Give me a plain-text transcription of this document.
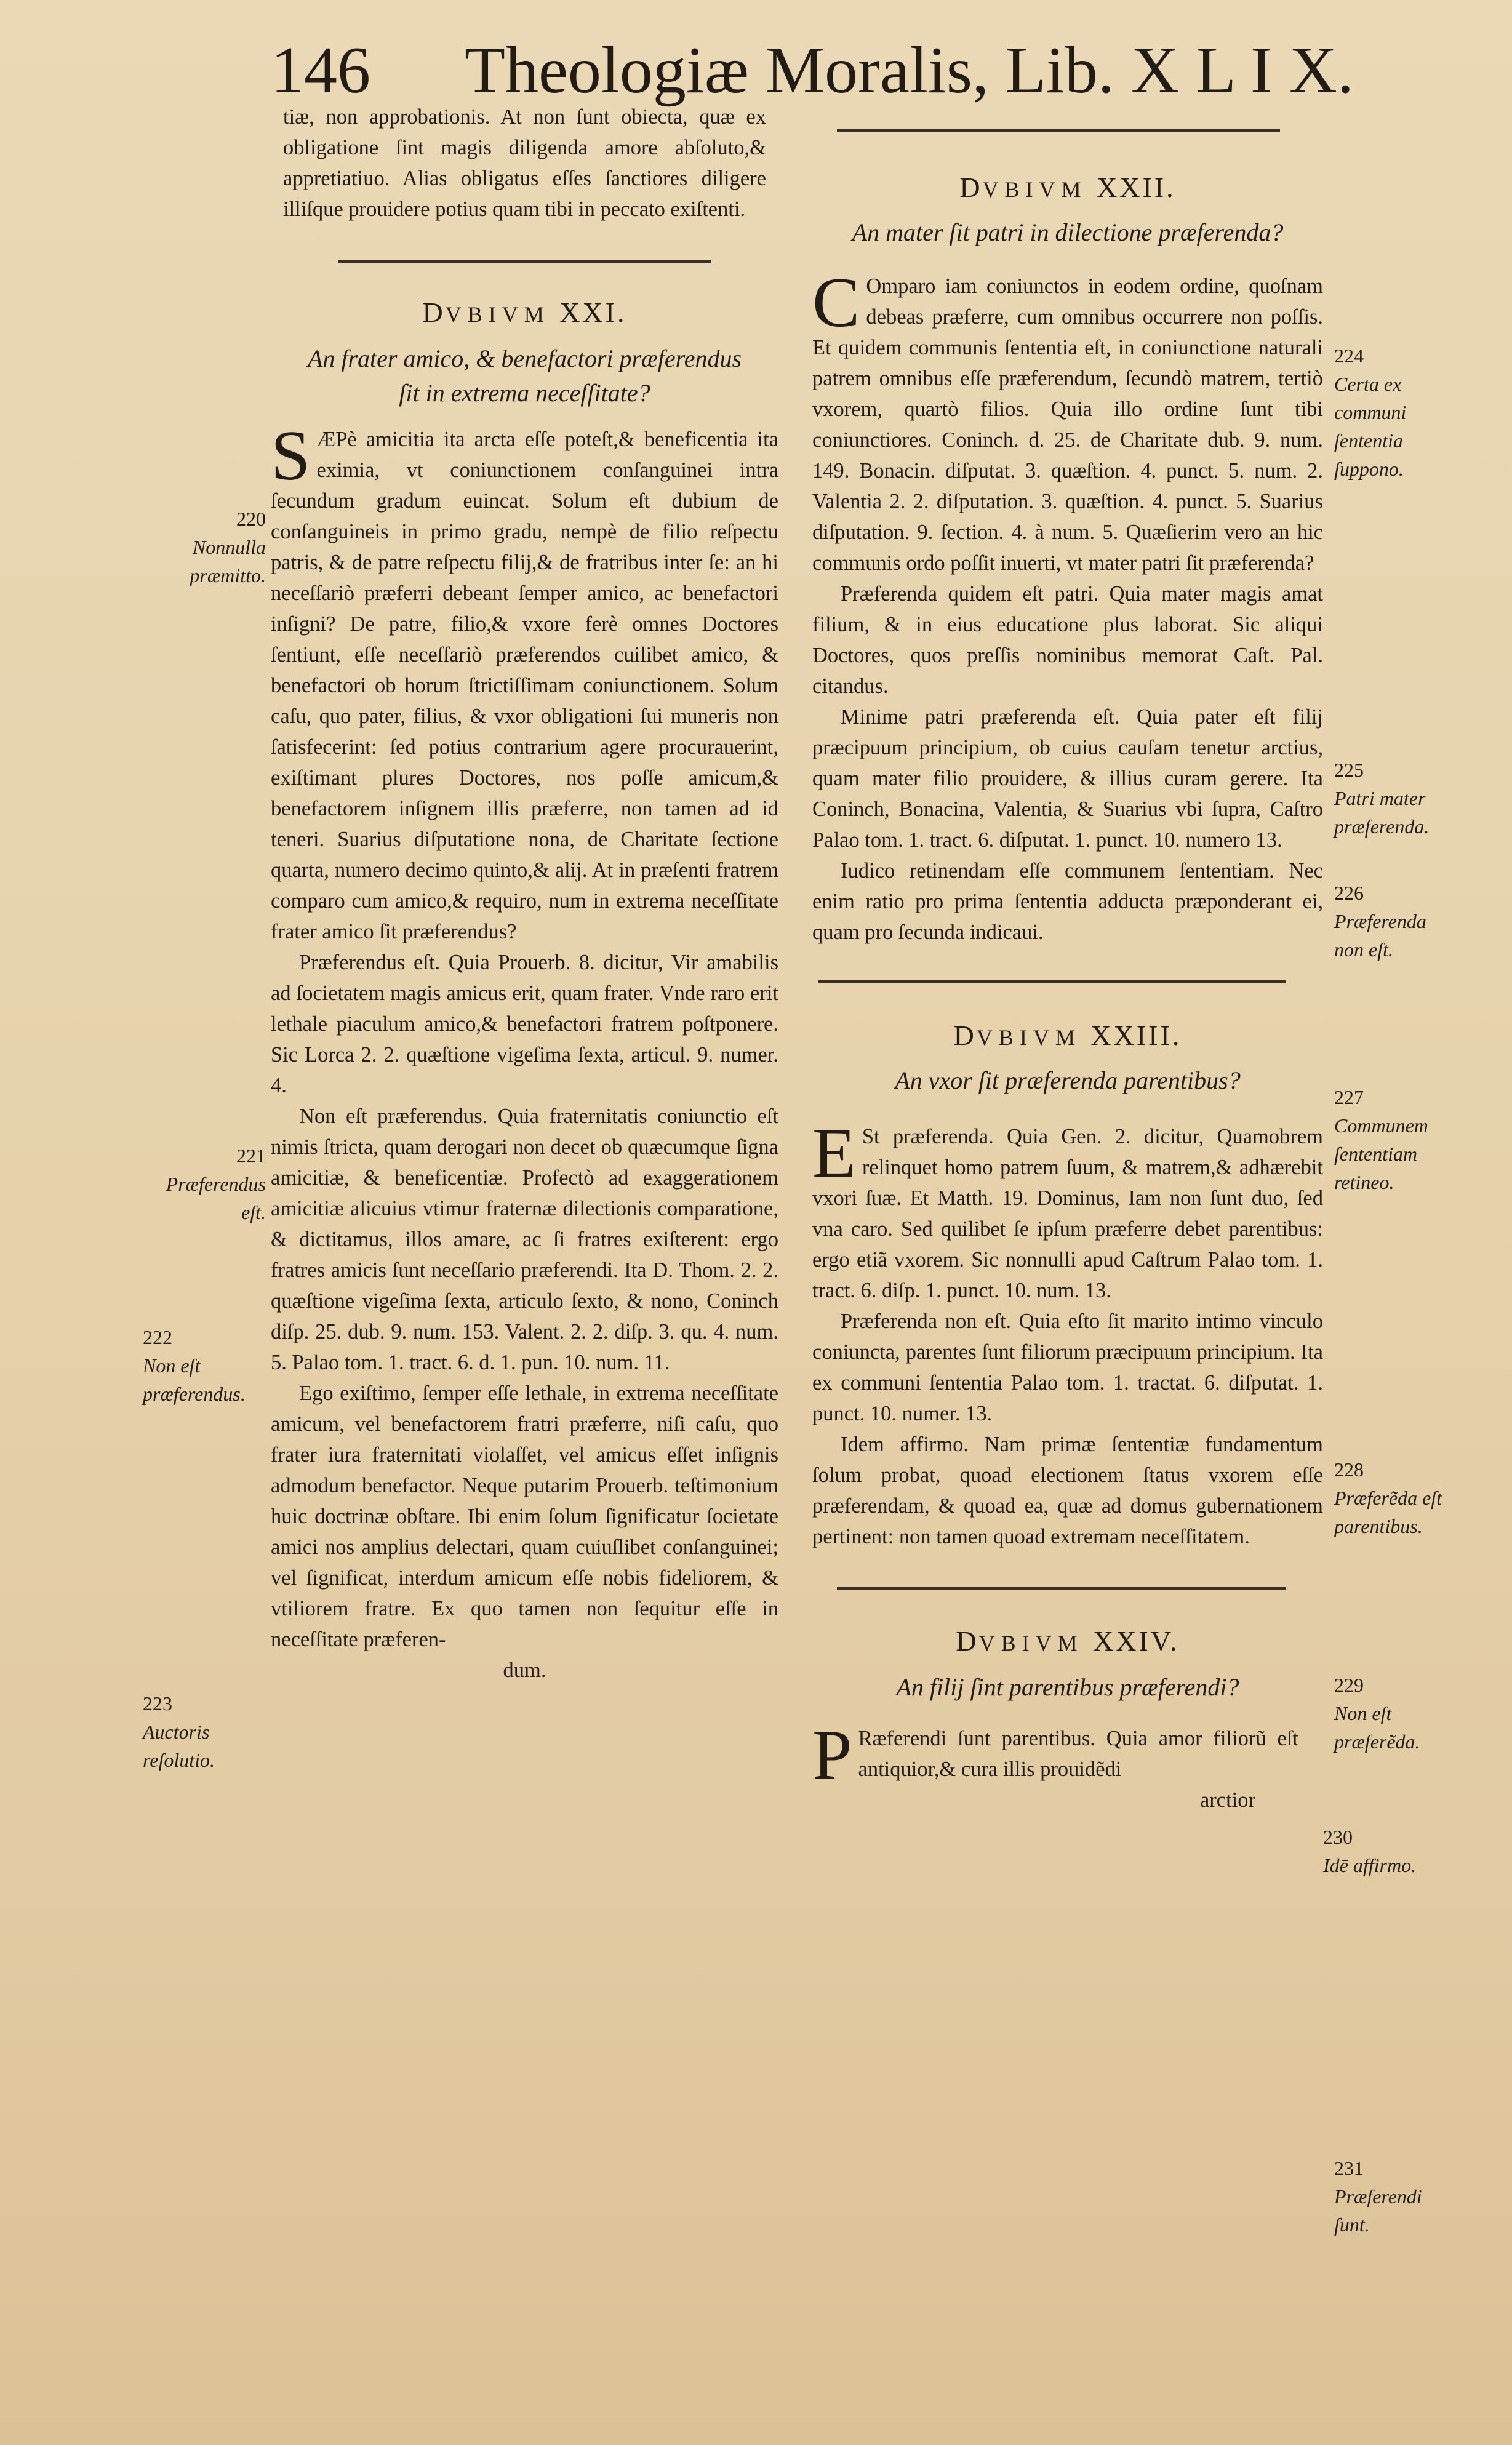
146 Theologiæ Moralis, Lib. X L I X.

tiæ, non approbationis. At non ſunt obiecta, quæ ex obligatione ſint magis diligenda amore abſoluto,& appretiatiuo. Alias obligatus eſſes ſanctiores diligere illiſque prouidere potius quam tibi in peccato exiſtenti.

DVBIVM XXI.

An frater amico, & benefactori præferendus ſit in extrema neceſſitate?

S ÆPè amicitia ita arcta eſſe poteſt,& beneficentia ita eximia, vt coniunctionem conſanguinei intra ſecundum gradum euincat. Solum eſt dubium de conſanguineis in primo gradu, nempè de filio reſpectu patris, & de patre reſpectu filij,& de fratribus inter ſe: an hi neceſſariò præferri debeant ſemper amico, ac benefactori inſigni? De patre, filio,& vxore ferè omnes Doctores ſentiunt, eſſe neceſſariò præferendos cuilibet amico, & benefactori ob horum ſtrictiſſimam coniunctionem. Solum caſu, quo pater, filius, & vxor obligationi ſui muneris non ſatisfecerint: ſed potius contrarium agere procurauerint, exiſtimant plures Doctores, nos poſſe amicum,& benefactorem inſignem illis præferre, non tamen ad id teneri. Suarius diſputatione nona, de Charitate ſectione quarta, numero decimo quinto,& alij. At in præſenti fratrem comparo cum amico,& requiro, num in extrema neceſſitate frater amico ſit præferendus?

Præferendus eſt. Quia Prouerb. 8. dicitur, Vir amabilis ad ſocietatem magis amicus erit, quam frater. Vnde raro erit lethale piaculum amico,& benefactori fratrem poſtponere. Sic Lorca 2. 2. quæſtione vigeſima ſexta, articul. 9. numer. 4.

Non eſt præferendus. Quia fraternitatis coniunctio eſt nimis ſtricta, quam derogari non decet ob quæcumque ſigna amicitiæ, & beneficentiæ. Profectò ad exaggerationem amicitiæ alicuius vtimur fraternæ dilectionis comparatione, & dictitamus, illos amare, ac ſi fratres exiſterent: ergo fratres amicis ſunt neceſſario præferendi. Ita D. Thom. 2. 2. quæſtione vigeſima ſexta, articulo ſexto, & nono, Coninch diſp. 25. dub. 9. num. 153. Valent. 2. 2. diſp. 3. qu. 4. num. 5. Palao tom. 1. tract. 6. d. 1. pun. 10. num. 11.

Ego exiſtimo, ſemper eſſe lethale, in extrema neceſſitate amicum, vel benefactorem fratri præferre, niſi caſu, quo frater iura fraternitati violaſſet, vel amicus eſſet inſignis admodum benefactor. Neque putarim Prouerb. teſtimonium huic doctrinæ obſtare. Ibi enim ſolum ſignificatur ſocietate amici nos amplius delectari, quam cuiuſlibet conſanguinei; vel ſignificat, interdum amicum eſſe nobis fideliorem, & vtiliorem fratre. Ex quo tamen non ſequitur eſſe in neceſſitate præferen-

dum.

220
Nonnulla præmitto.
221
Præferendus eſt.
222
Non eſt præferendus.
223
Auctoris reſolutio.

DVBIVM XXII.

An mater ſit patri in dilectione præferenda?

C Omparo iam coniunctos in eodem ordine, quoſnam debeas præferre, cum omnibus occurrere non poſſis. Et quidem communis ſententia eſt, in coniunctione naturali patrem omnibus eſſe præferendum, ſecundò matrem, tertiò vxorem, quartò filios. Quia illo ordine ſunt tibi coniunctiores. Coninch. d. 25. de Charitate dub. 9. num. 149. Bonacin. diſputat. 3. quæſtion. 4. punct. 5. num. 2. Valentia 2. 2. diſputation. 3. quæſtion. 4. punct. 5. Suarius diſputation. 9. ſection. 4. à num. 5. Quæſierim vero an hic communis ordo poſſit inuerti, vt mater patri ſit præferenda?

Præferenda quidem eſt patri. Quia mater magis amat filium, & in eius educatione plus laborat. Sic aliqui Doctores, quos preſſis nominibus memorat Caſt. Pal. citandus.

Minime patri præferenda eſt. Quia pater eſt filij præcipuum principium, ob cuius cauſam tenetur arctius, quam mater filio prouidere, & illius curam gerere. Ita Coninch, Bonacina, Valentia, & Suarius vbi ſupra, Caſtro Palao tom. 1. tract. 6. diſputat. 1. punct. 10. numero 13.

Iudico retinendam eſſe communem ſententiam. Nec enim ratio pro prima ſententia adducta præponderant ei, quam pro ſecunda indicaui.

DVBIVM XXIII.

An vxor ſit præferenda parentibus?

E St præferenda. Quia Gen. 2. dicitur, Quamobrem relinquet homo patrem ſuum, & matrem,& adhærebit vxori ſuæ. Et Matth. 19. Dominus, Iam non ſunt duo, ſed vna caro. Sed quilibet ſe ipſum præferre debet parentibus: ergo etiã vxorem. Sic nonnulli apud Caſtrum Palao tom. 1. tract. 6. diſp. 1. punct. 10. num. 13.

Præferenda non eſt. Quia eſto ſit marito intimo vinculo coniuncta, parentes ſunt filiorum præcipuum principium. Ita ex communi ſententia Palao tom. 1. tractat. 6. diſputat. 1. punct. 10. numer. 13.

Idem affirmo. Nam primæ ſententiæ fundamentum ſolum probat, quoad electionem ſtatus vxorem eſſe præferendam, & quoad ea, quæ ad domus gubernationem pertinent: non tamen quoad extremam neceſſitatem.

DVBIVM XXIV.

An filij ſint parentibus præferendi?

P Ræferendi ſunt parentibus. Quia amor filiorũ eſt antiquior,& cura illis prouidẽdi

arctior

224
Certa ex communi ſententia ſuppono.
225
Patri mater præferenda.
226
Præferenda non eſt.
227
Communem ſententiam retineo.
228
Præferẽda eſt parentibus.
229
Non eſt præferẽda.
230
Idē affirmo.
231
Præferendi ſunt.
